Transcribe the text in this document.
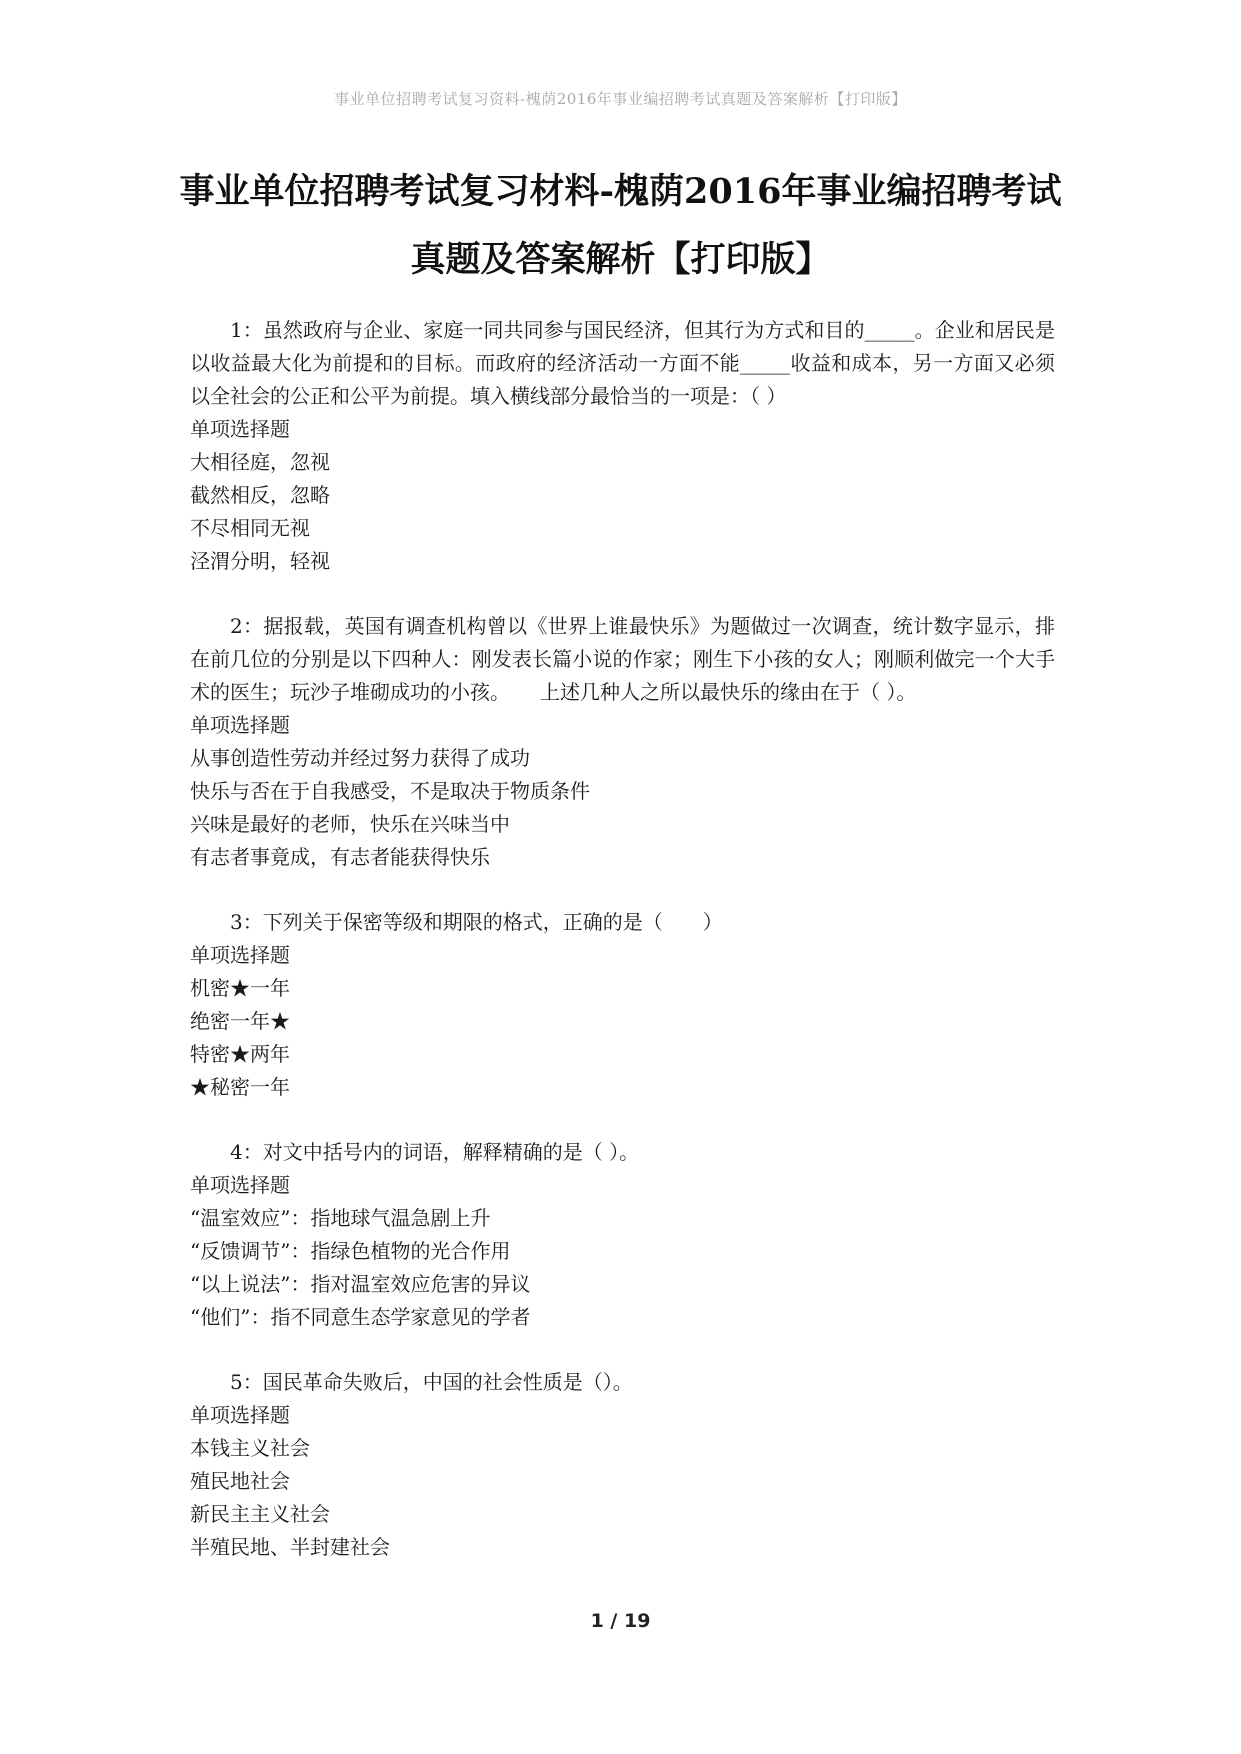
事业单位招聘考试复习资料-槐荫2016年事业编招聘考试真题及答案解析【打印版】
事业单位招聘考试复习材料-槐荫2016年事业编招聘考试
真题及答案解析【打印版】

1：虽然政府与企业、家庭一同共同参与国民经济，但其行为方式和目的_____。企业和居民是以收益最大化为前提和的目标。而政府的经济活动一方面不能_____收益和成本，另一方面又必须以全社会的公正和公平为前提。填入横线部分最恰当的一项是：（ ）

单项选择题

大相径庭，忽视

截然相反，忽略

不尽相同无视

泾渭分明，轻视

2：据报载，英国有调查机构曾以《世界上谁最快乐》为题做过一次调查，统计数字显示，排在前几位的分别是以下四种人：刚发表长篇小说的作家；刚生下小孩的女人；刚顺利做完一个大手术的医生；玩沙子堆砌成功的小孩。　　上述几种人之所以最快乐的缘由在于（ ）。

单项选择题

从事创造性劳动并经过努力获得了成功

快乐与否在于自我感受，不是取决于物质条件

兴味是最好的老师，快乐在兴味当中

有志者事竟成，有志者能获得快乐

3：下列关于保密等级和期限的格式，正确的是（　　）

单项选择题

机密★一年

绝密一年★

特密★两年

★秘密一年

4：对文中括号内的词语，解释精确的是（ ）。

单项选择题

“温室效应”：指地球气温急剧上升

“反馈调节”：指绿色植物的光合作用

“以上说法”：指对温室效应危害的异议

“他们”：指不同意生态学家意见的学者

5：国民革命失败后，中国的社会性质是（）。

单项选择题

本钱主义社会

殖民地社会

新民主主义社会

半殖民地、半封建社会

1 / 19
